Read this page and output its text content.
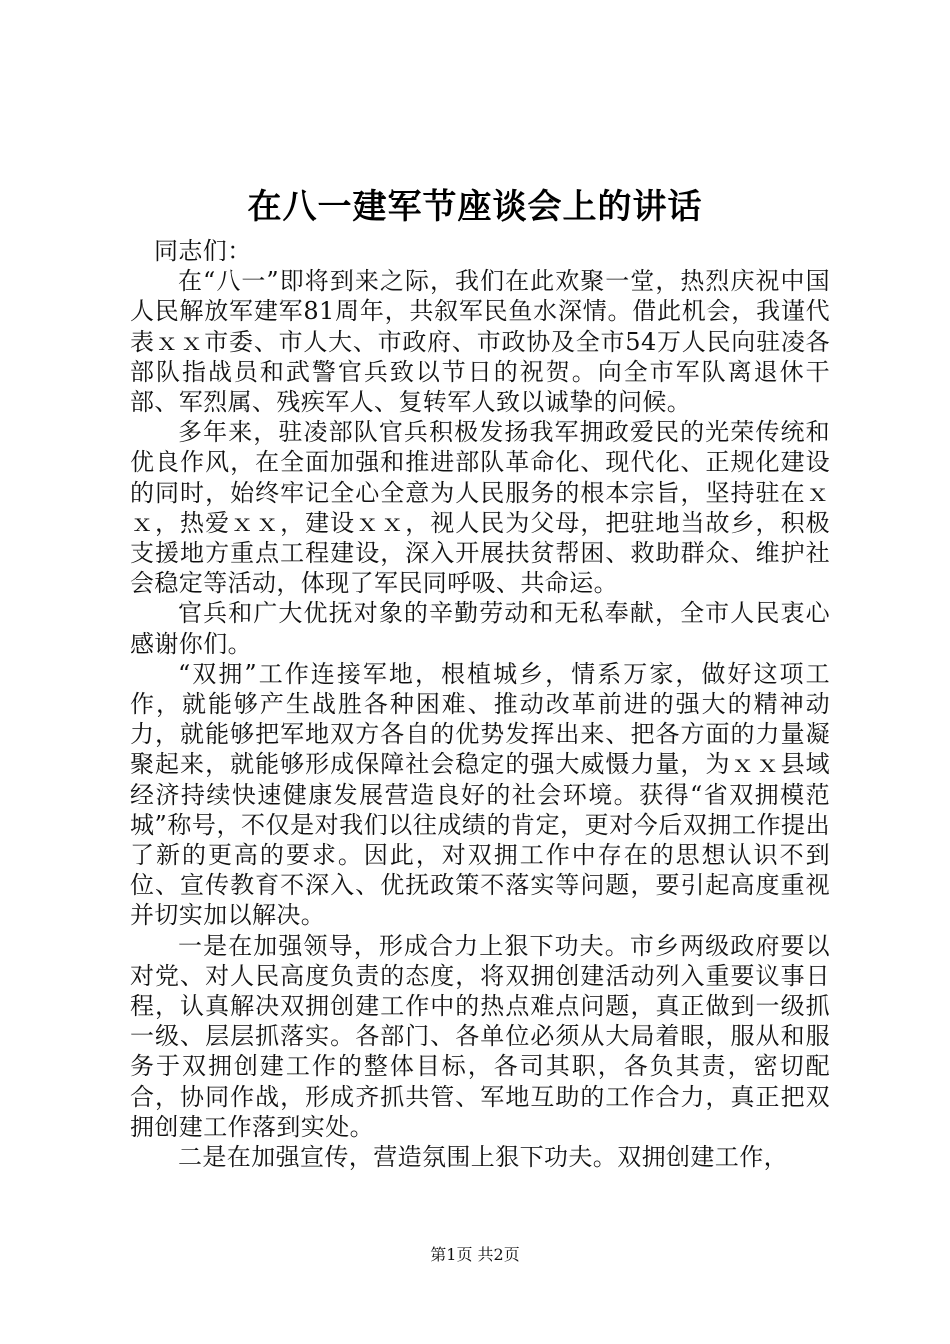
在八一建军节座谈会上的讲话

同志们：

在“八一”即将到来之际，我们在此欢聚一堂，热烈庆祝中国人民解放军建军81周年，共叙军民鱼水深情。借此机会，我谨代表ｘｘ市委、市人大、市政府、市政协及全市54万人民向驻凌各部队指战员和武警官兵致以节日的祝贺。向全市军队离退休干部、军烈属、残疾军人、复转军人致以诚挚的问候。

多年来，驻凌部队官兵积极发扬我军拥政爱民的光荣传统和优良作风，在全面加强和推进部队革命化、现代化、正规化建设的同时，始终牢记全心全意为人民服务的根本宗旨，坚持驻在ｘｘ，热爱ｘｘ，建设ｘｘ，视人民为父母，把驻地当故乡，积极支援地方重点工程建设，深入开展扶贫帮困、救助群众、维护社会稳定等活动，体现了军民同呼吸、共命运。

官兵和广大优抚对象的辛勤劳动和无私奉献，全市人民衷心感谢你们。

“双拥”工作连接军地，根植城乡，情系万家，做好这项工作，就能够产生战胜各种困难、推动改革前进的强大的精神动力，就能够把军地双方各自的优势发挥出来、把各方面的力量凝聚起来，就能够形成保障社会稳定的强大威慑力量，为ｘｘ县域经济持续快速健康发展营造良好的社会环境。获得“省双拥模范城”称号，不仅是对我们以往成绩的肯定，更对今后双拥工作提出了新的更高的要求。因此，对双拥工作中存在的思想认识不到位、宣传教育不深入、优抚政策不落实等问题，要引起高度重视并切实加以解决。

一是在加强领导，形成合力上狠下功夫。市乡两级政府要以对党、对人民高度负责的态度，将双拥创建活动列入重要议事日程，认真解决双拥创建工作中的热点难点问题，真正做到一级抓一级、层层抓落实。各部门、各单位必须从大局着眼，服从和服务于双拥创建工作的整体目标，各司其职，各负其责，密切配合，协同作战，形成齐抓共管、军地互助的工作合力，真正把双拥创建工作落到实处。

二是在加强宣传，营造氛围上狠下功夫。双拥创建工作，

第1页 共2页
